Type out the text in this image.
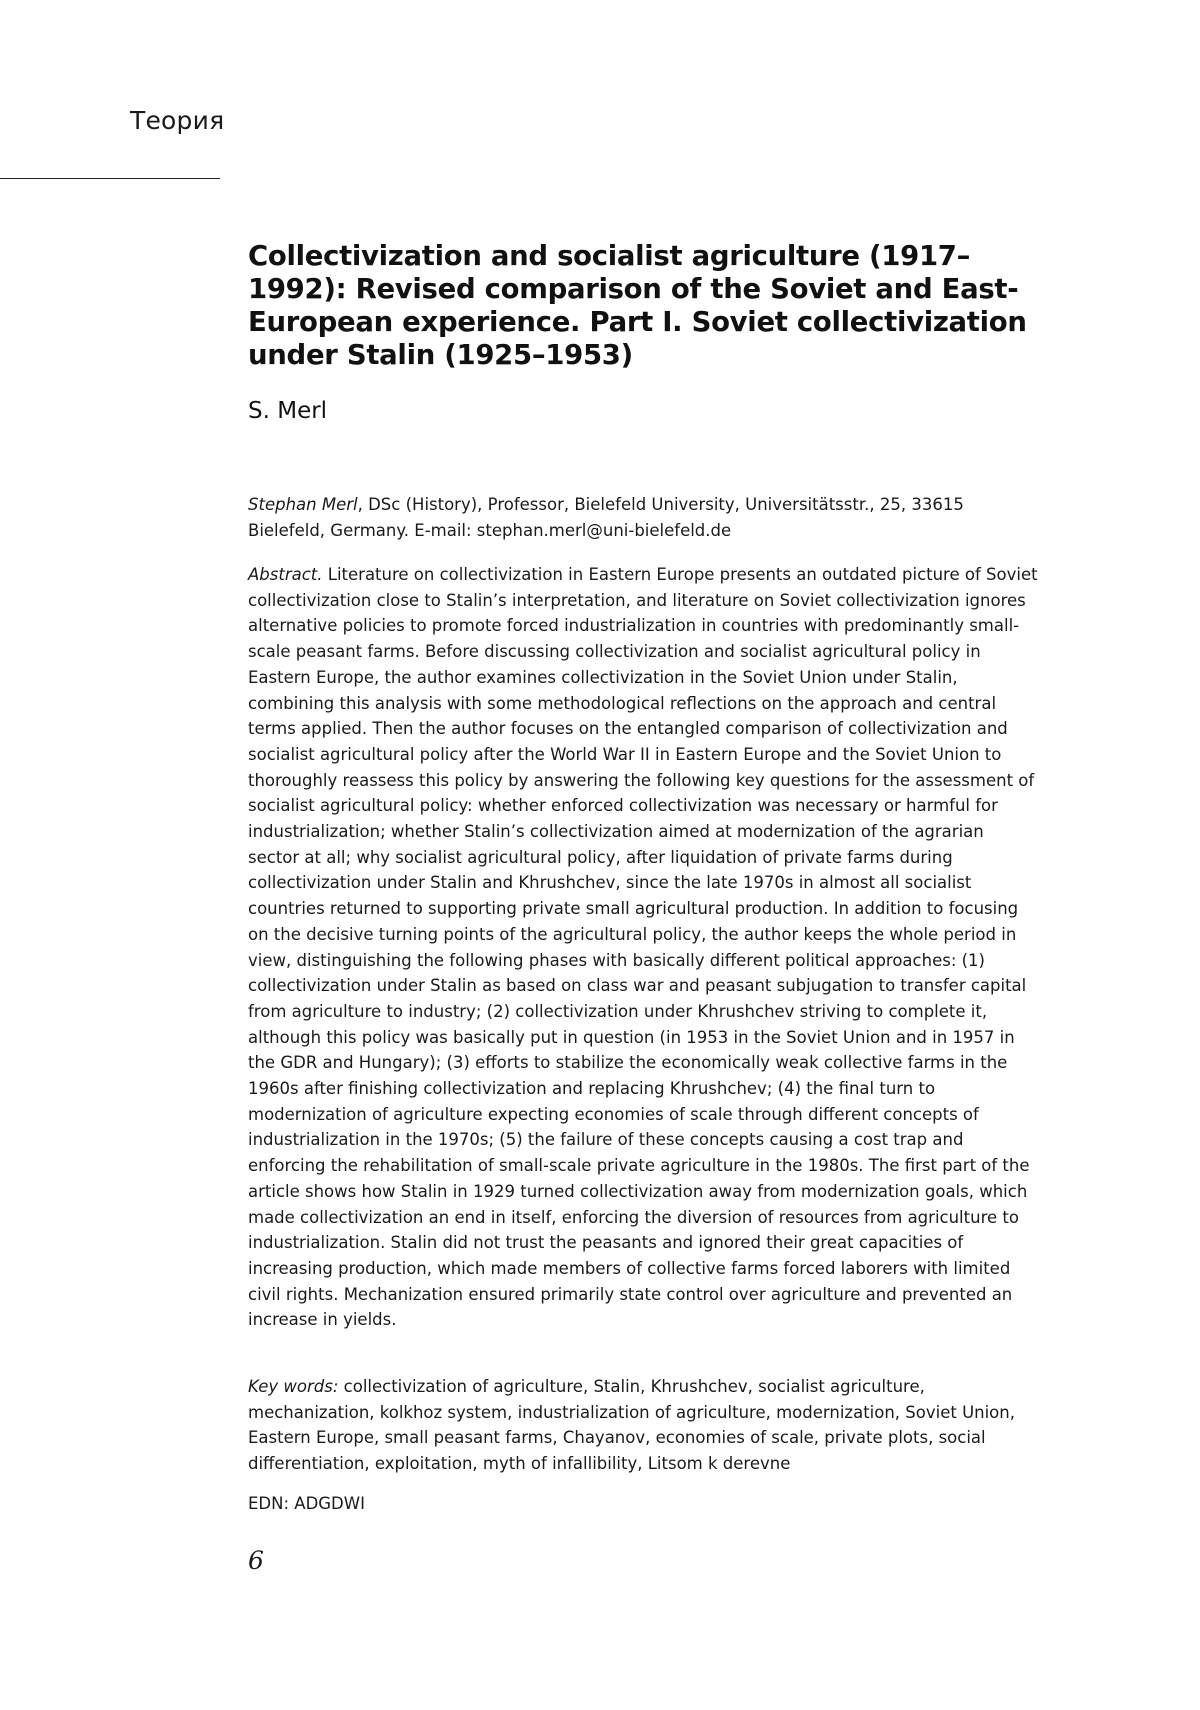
Теория
Collectivization and socialist agriculture (1917–1992): Revised comparison of the Soviet and East-European experience. Part I. Soviet collectivization under Stalin (1925–1953)
S. Merl
Stephan Merl, DSc (History), Professor, Bielefeld University, Universitätsstr., 25, 33615 Bielefeld, Germany. E-mail: stephan.merl@uni-bielefeld.de

Abstract. Literature on collectivization in Eastern Europe presents an outdated picture of Soviet collectivization close to Stalin’s interpretation, and literature on Soviet collectivization ignores alternative policies to promote forced industrialization in countries with predominantly small-scale peasant farms. Before discussing collectivization and socialist agricultural policy in Eastern Europe, the author examines collectivization in the Soviet Union under Stalin, combining this analysis with some methodological reflections on the approach and central terms applied. Then the author focuses on the entangled comparison of collectivization and socialist agricultural policy after the World War II in Eastern Europe and the Soviet Union to thoroughly reassess this policy by answering the following key questions for the assessment of socialist agricultural policy: whether enforced collectivization was necessary or harmful for industrialization; whether Stalin’s collectivization aimed at modernization of the agrarian sector at all; why socialist agricultural policy, after liquidation of private farms during collectivization under Stalin and Khrushchev, since the late 1970s in almost all socialist countries returned to supporting private small agricultural production. In addition to focusing on the decisive turning points of the agricultural policy, the author keeps the whole period in view, distinguishing the following phases with basically different political approaches: (1) collectivization under Stalin as based on class war and peasant subjugation to transfer capital from agriculture to industry; (2) collectivization under Khrushchev striving to complete it, although this policy was basically put in question (in 1953 in the Soviet Union and in 1957 in the GDR and Hungary); (3) efforts to stabilize the economically weak collective farms in the 1960s after finishing collectivization and replacing Khrushchev; (4) the final turn to modernization of agriculture expecting economies of scale through different concepts of industrialization in the 1970s; (5) the failure of these concepts causing a cost trap and enforcing the rehabilitation of small-scale private agriculture in the 1980s. The first part of the article shows how Stalin in 1929 turned collectivization away from modernization goals, which made collectivization an end in itself, enforcing the diversion of resources from agriculture to industrialization. Stalin did not trust the peasants and ignored their great capacities of increasing production, which made members of collective farms forced laborers with limited civil rights. Mechanization ensured primarily state control over agriculture and prevented an increase in yields.

Key words: collectivization of agriculture, Stalin, Khrushchev, socialist agriculture, mechanization, kolkhoz system, industrialization of agriculture, modernization, Soviet Union, Eastern Europe, small peasant farms, Chayanov, economies of scale, private plots, social differentiation, exploitation, myth of infallibility, Litsom k derevne

EDN: ADGDWI
6
